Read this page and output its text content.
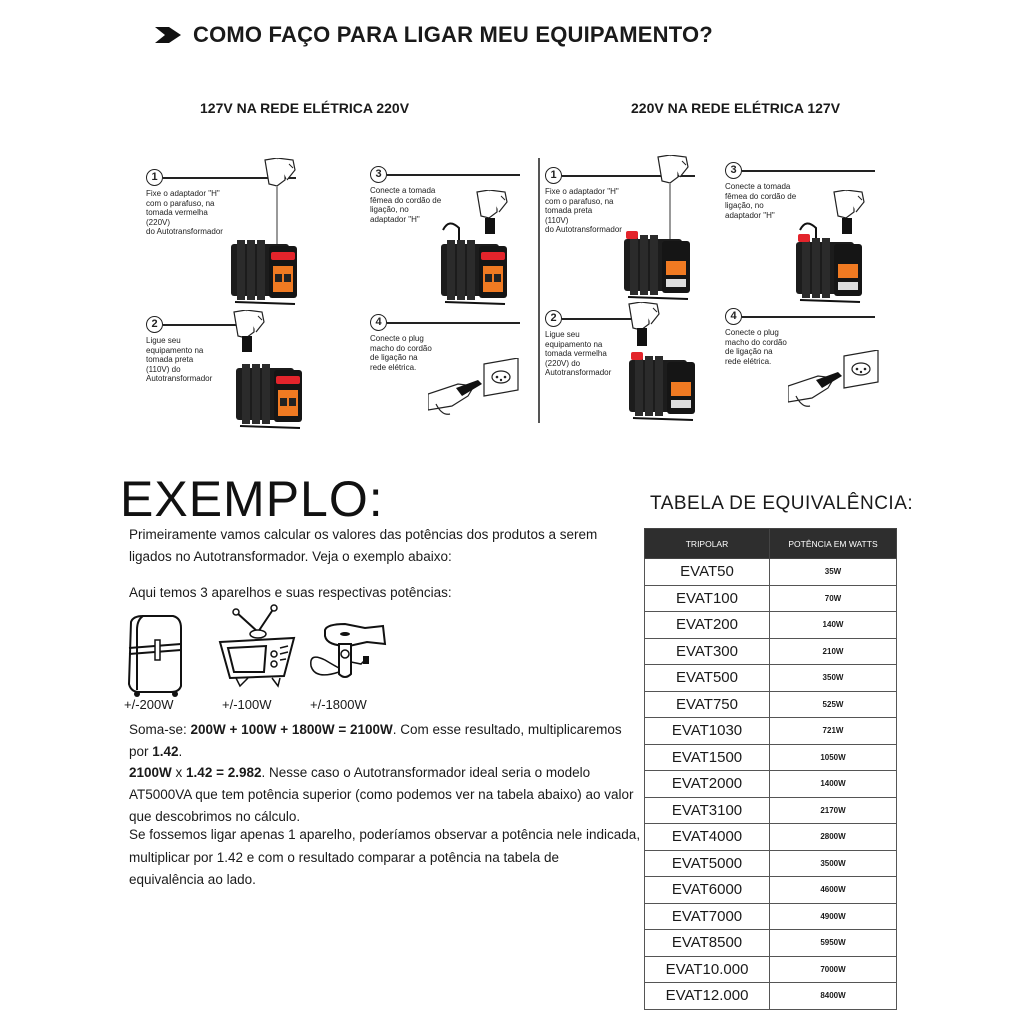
COMO FAÇO PARA LIGAR MEU EQUIPAMENTO?
127V NA REDE ELÉTRICA 220V	220V NA REDE ELÉTRICA 127V
1
Fixe o adaptador "H"
com o parafuso, na
tomada vermelha
(220V)
do Autotransformador
2
Ligue seu
equipamento na
tomada preta
(110V) do
Autotransformador
3
Conecte a tomada
fêmea do cordão de
ligação, no
adaptador "H"
4
Conecte o plug
macho do cordão
de ligação na
rede elétrica.
1
Fixe o adaptador "H"
com o parafuso, na
tomada preta
(110V)
do Autotransformador
2
Ligue seu
equipamento na
tomada vermelha
(220V) do
Autotransformador
3
Conecte a tomada
fêmea do cordão de
ligação, no
adaptador "H"
4
Conecte o plug
macho do cordão
de ligação na
rede elétrica.
EXEMPLO:
Primeiramente vamos calcular os valores das potências dos produtos a serem
ligados no Autotransformador. Veja o exemplo abaixo:
Aqui temos 3 aparelhos e suas respectivas potências:
+/-200W	+/-100W	+/-1800W
Soma-se: 200W + 100W + 1800W = 2100W. Com esse resultado, multiplicaremos
por 1.42.
2100W x 1.42 = 2.982. Nesse caso o Autotransformador ideal seria o modelo
AT5000VA que tem potência superior (como podemos ver na tabela abaixo) ao valor
que descobrimos no cálculo.
Se fossemos ligar apenas 1 aparelho, poderíamos observar a potência nele indicada,
multiplicar por 1.42 e com o resultado comparar a potência na tabela de
equivalência ao lado.
TABELA DE EQUIVALÊNCIA:
TRIPOLAR	POTÊNCIA EM WATTS
EVAT50	35W
EVAT100	70W
EVAT200	140W
EVAT300	210W
EVAT500	350W
EVAT750	525W
EVAT1030	721W
EVAT1500	1050W
EVAT2000	1400W
EVAT3100	2170W
EVAT4000	2800W
EVAT5000	3500W
EVAT6000	4600W
EVAT7000	4900W
EVAT8500	5950W
EVAT10.000	7000W
EVAT12.000	8400W
